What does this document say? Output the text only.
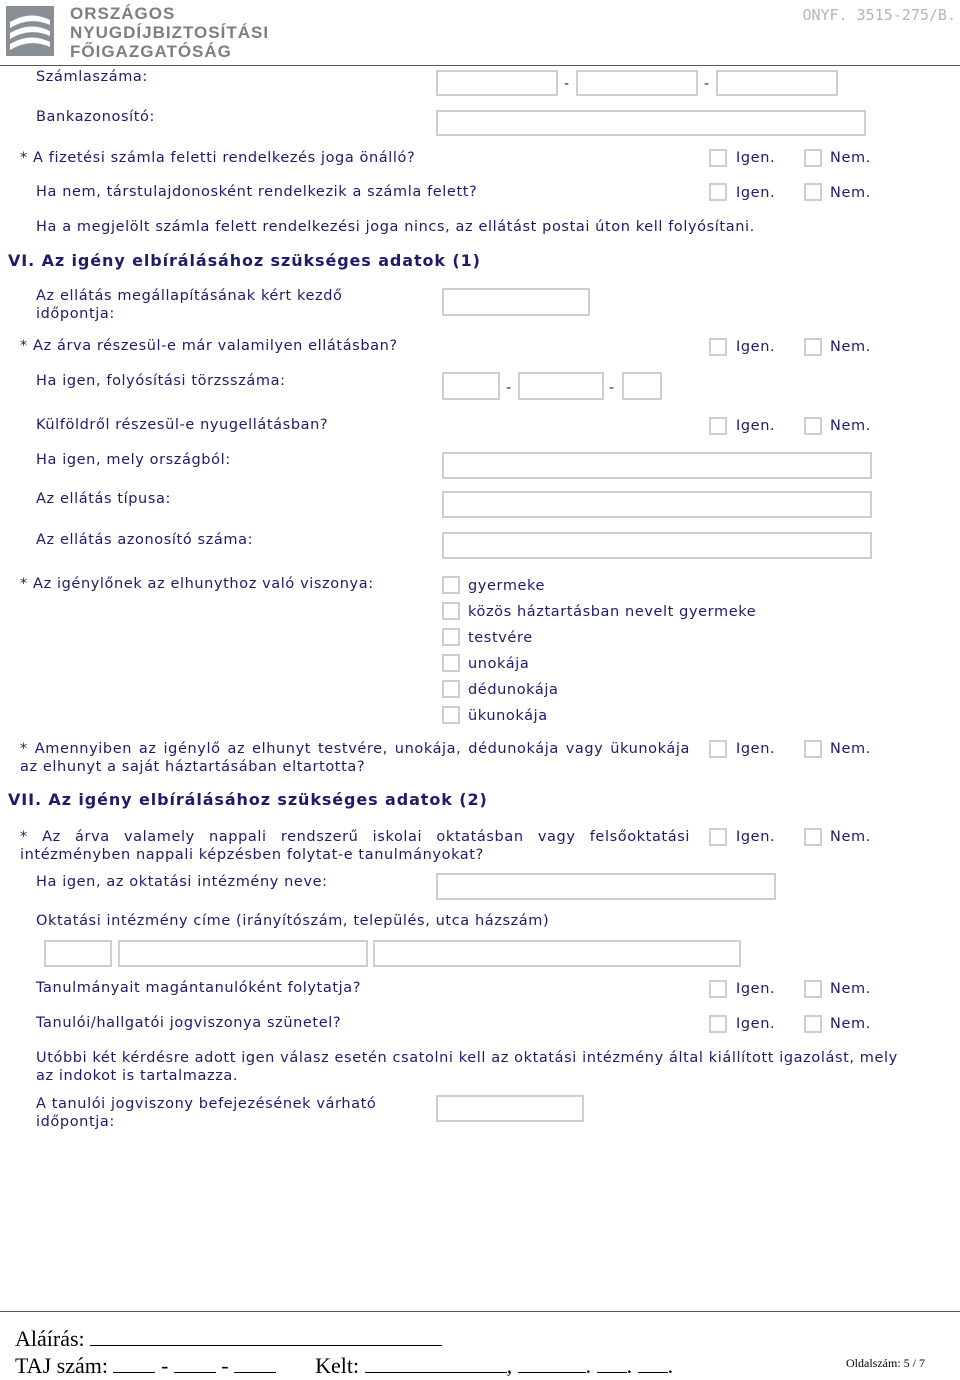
ORSZÁGOS
NYUGDÍJBIZTOSÍTÁSI
FŐIGAZGATÓSÁG
ONYF. 3515-275/B.
Számlaszáma:	-	-
Bankazonosító:
* A fizetési számla feletti rendelkezés joga önálló?	Igen.	Nem.
Ha nem, társtulajdonosként rendelkezik a számla felett?	Igen.	Nem.
Ha a megjelölt számla felett rendelkezési joga nincs, az ellátást postai úton kell folyósítani.
VI. Az igény elbírálásához szükséges adatok (1)
Az ellátás megállapításának kért kezdő időpontja:
* Az árva részesül-e már valamilyen ellátásban?	Igen.	Nem.
Ha igen, folyósítási törzsszáma:	-	-
Külföldről részesül-e nyugellátásban?	Igen.	Nem.
Ha igen, mely országból:
Az ellátás típusa:
Az ellátás azonosító száma:
* Az igénylőnek az elhunythoz való viszonya:	gyermeke
közös háztartásban nevelt gyermeke
testvére
unokája
dédunokája
ükunokája
* Amennyiben az igénylő az elhunyt testvére, unokája, dédunokája vagy ükunokája az elhunyt a saját háztartásában eltartotta?
Igen.	Nem.
VII. Az igény elbírálásához szükséges adatok (2)
* Az árva valamely nappali rendszerű iskolai oktatásban vagy felsőoktatási intézményben nappali képzésben folytat-e tanulmányokat?
Igen.	Nem.
Ha igen, az oktatási intézmény neve:
Oktatási intézmény címe (irányítószám, település, utca házszám)
Tanulmányait magántanulóként folytatja?	Igen.	Nem.
Tanulói/hallgatói jogviszonya szünetel?	Igen.	Nem.
Utóbbi két kérdésre adott igen válasz esetén csatolni kell az oktatási intézmény által kiállított igazolást, mely az indokot is tartalmazza.
A tanulói jogviszony befejezésének várható időpontja:
Aláírás:
TAJ szám: - -	Kelt:	,	. . .	Oldalszám: 5 / 7
